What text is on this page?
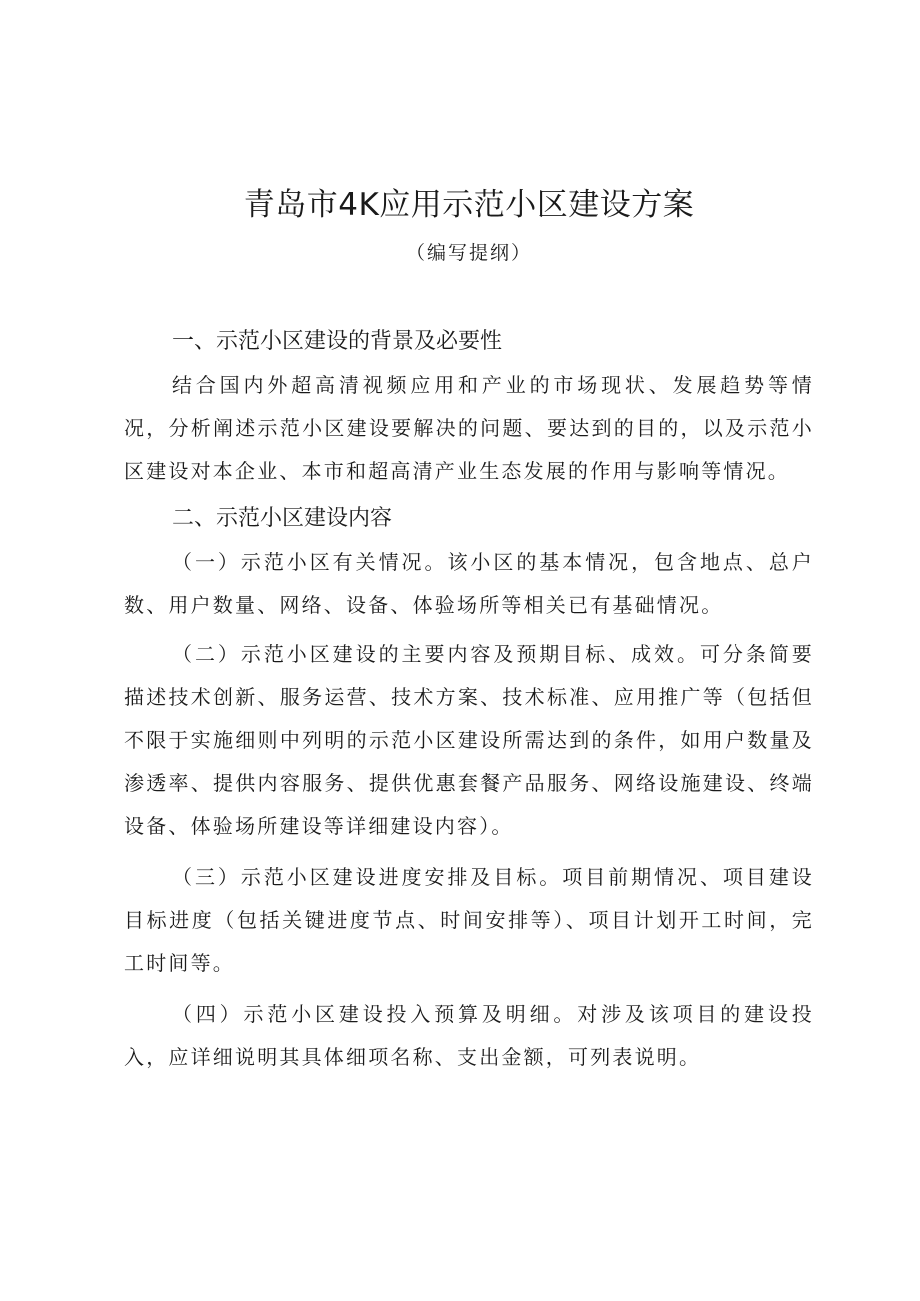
青岛市4K应用示范小区建设方案
（编写提纲）

一、示范小区建设的背景及必要性

结合国内外超高清视频应用和产业的市场现状、发展趋势等情况，分析阐述示范小区建设要解决的问题、要达到的目的，以及示范小区建设对本企业、本市和超高清产业生态发展的作用与影响等情况。

二、示范小区建设内容

（一）示范小区有关情况。该小区的基本情况，包含地点、总户数、用户数量、网络、设备、体验场所等相关已有基础情况。

（二）示范小区建设的主要内容及预期目标、成效。可分条简要描述技术创新、服务运营、技术方案、技术标准、应用推广等（包括但不限于实施细则中列明的示范小区建设所需达到的条件，如用户数量及渗透率、提供内容服务、提供优惠套餐产品服务、网络设施建设、终端设备、体验场所建设等详细建设内容）。

（三）示范小区建设进度安排及目标。项目前期情况、项目建设目标进度（包括关键进度节点、时间安排等）、项目计划开工时间，完工时间等。

（四）示范小区建设投入预算及明细。对涉及该项目的建设投入，应详细说明其具体细项名称、支出金额，可列表说明。
